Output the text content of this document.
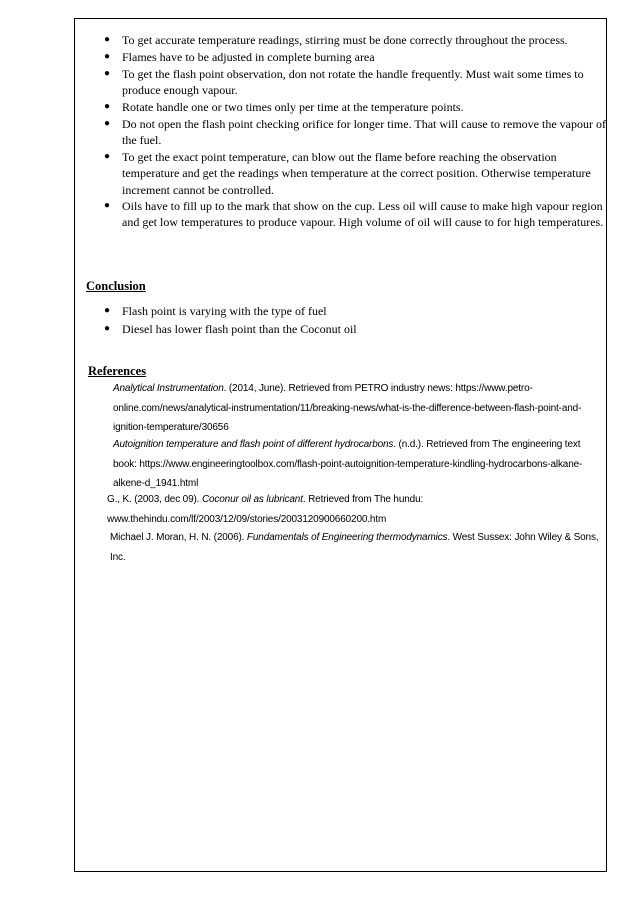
● To get accurate temperature readings, stirring must be done correctly throughout the process.
● Flames have to be adjusted in complete burning area
● To get the flash point observation, don not rotate the handle frequently. Must wait some times to produce enough vapour.
● Rotate handle one or two times only per time at the temperature points.
● Do not open the flash point checking orifice for longer time. That will cause to remove the vapour of the fuel.
● To get the exact point temperature, can blow out the flame before reaching the observation temperature and get the readings when temperature at the correct position. Otherwise temperature increment cannot be controlled.
● Oils have to fill up to the mark that show on the cup. Less oil will cause to make high vapour region and get low temperatures to produce vapour. High volume of oil will cause to for high temperatures.
Conclusion
● Flash point is varying with the type of fuel
● Diesel has lower flash point than the Coconut oil
References
Analytical Instrumentation. (2014, June). Retrieved from PETRO industry news: https://www.petro-online.com/news/analytical-instrumentation/11/breaking-news/what-is-the-difference-between-flash-point-and-ignition-temperature/30656
Autoignition temperature and flash point of different hydrocarbons. (n.d.). Retrieved from The engineering text book: https://www.engineeringtoolbox.com/flash-point-autoignition-temperature-kindling-hydrocarbons-alkane-alkene-d_1941.html
G., K. (2003, dec 09). Coconur oil as lubricant. Retrieved from The hundu: www.thehindu.com/lf/2003/12/09/stories/2003120900660200.htm
Michael J. Moran, H. N. (2006). Fundamentals of Engineering thermodynamics. West Sussex: John Wiley & Sons, Inc.
